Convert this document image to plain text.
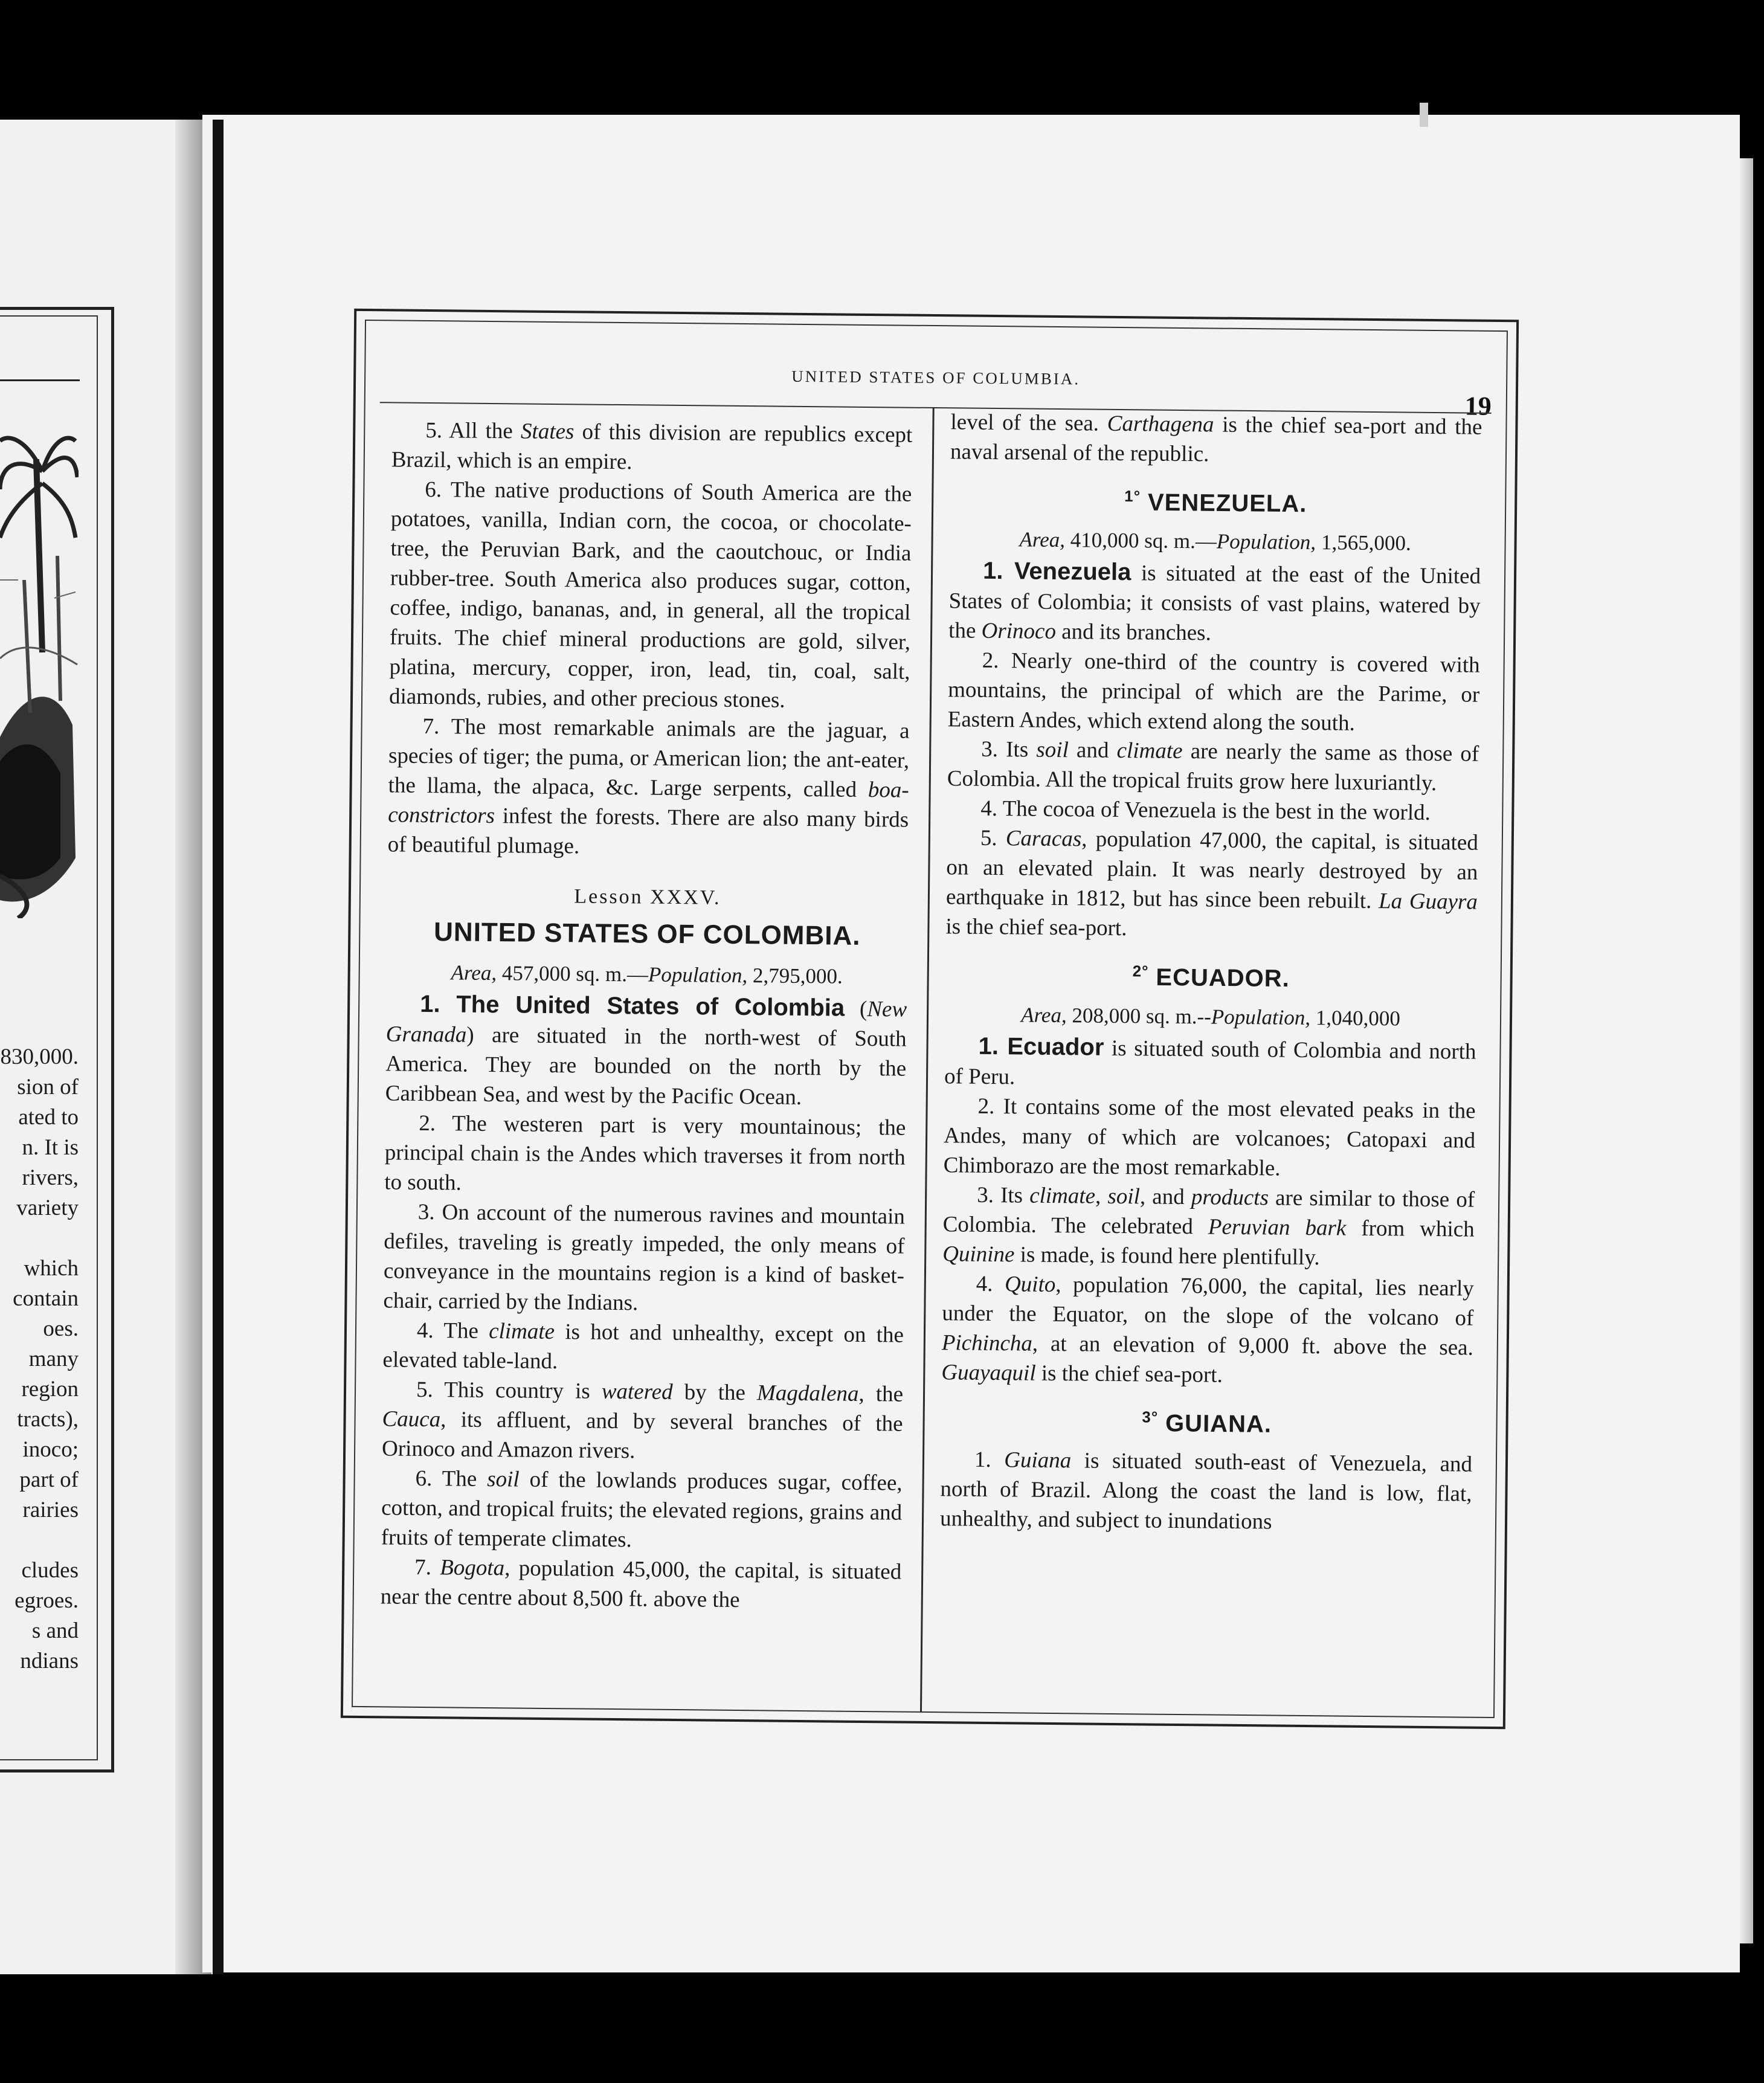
830,000.
sion of
ated to
n. It is
rivers,
variety
which
contain
oes.
many
region
tracts),
inoco;
part of
rairies
cludes
egroes.
s and
ndians
UNITED STATES OF COLUMBIA.
19

5. All the States of this division are republics except Brazil, which is an empire.

6. The native productions of South America are the potatoes, vanilla, Indian corn, the cocoa, or chocolate-tree, the Peruvian Bark, and the caoutchouc, or India rubber-tree. South America also produces sugar, cotton, coffee, indigo, bananas, and, in general, all the tropical fruits. The chief mineral productions are gold, silver, platina, mercury, copper, iron, lead, tin, coal, salt, diamonds, rubies, and other precious stones.

7. The most remarkable animals are the jaguar, a species of tiger; the puma, or American lion; the ant-eater, the llama, the alpaca, &c. Large serpents, called boa-constrictors infest the forests. There are also many birds of beautiful plumage.

Lesson XXXV.
UNITED STATES OF COLOMBIA.
Area, 457,000 sq. m.—Population, 2,795,000.

1. The United States of Colombia (New Granada) are situated in the north-west of South America. They are bounded on the north by the Caribbean Sea, and west by the Pacific Ocean.

2. The westeren part is very mountainous; the principal chain is the Andes which traverses it from north to south.

3. On account of the numerous ravines and mountain defiles, traveling is greatly impeded, the only means of conveyance in the mountains region is a kind of basket-chair, carried by the Indians.

4. The climate is hot and unhealthy, except on the elevated table-land.

5. This country is watered by the Magdalena, the Cauca, its affluent, and by several branches of the Orinoco and Amazon rivers.

6. The soil of the lowlands produces sugar, coffee, cotton, and tropical fruits; the elevated regions, grains and fruits of temperate climates.

7. Bogota, population 45,000, the capital, is situated near the centre about 8,500 ft. above the

level of the sea. Carthagena is the chief sea-port and the naval arsenal of the republic.

$^{1^\circ}$ VENEZUELA.
Area, 410,000 sq. m.—Population, 1,565,000.

1. Venezuela is situated at the east of the United States of Colombia; it consists of vast plains, watered by the Orinoco and its branches.

2. Nearly one-third of the country is covered with mountains, the principal of which are the Parime, or Eastern Andes, which extend along the south.

3. Its soil and climate are nearly the same as those of Colombia. All the tropical fruits grow here luxuriantly.

4. The cocoa of Venezuela is the best in the world.

5. Caracas, population 47,000, the capital, is situated on an elevated plain. It was nearly destroyed by an earthquake in 1812, but has since been rebuilt. La Guayra is the chief sea-port.

$^{2^\circ}$ ECUADOR.
Area, 208,000 sq. m.--Population, 1,040,000

1. Ecuador is situated south of Colombia and north of Peru.

2. It contains some of the most elevated peaks in the Andes, many of which are volcanoes; Catopaxi and Chimborazo are the most remarkable.

3. Its climate, soil, and products are similar to those of Colombia. The celebrated Peruvian bark from which Quinine is made, is found here plentifully.

4. Quito, population 76,000, the capital, lies nearly under the Equator, on the slope of the volcano of Pichincha, at an elevation of 9,000 ft. above the sea. Guayaquil is the chief sea-port.

$^{3^\circ}$ GUIANA.

1. Guiana is situated south-east of Venezuela, and north of Brazil. Along the coast the land is low, flat, unhealthy, and subject to inundations
